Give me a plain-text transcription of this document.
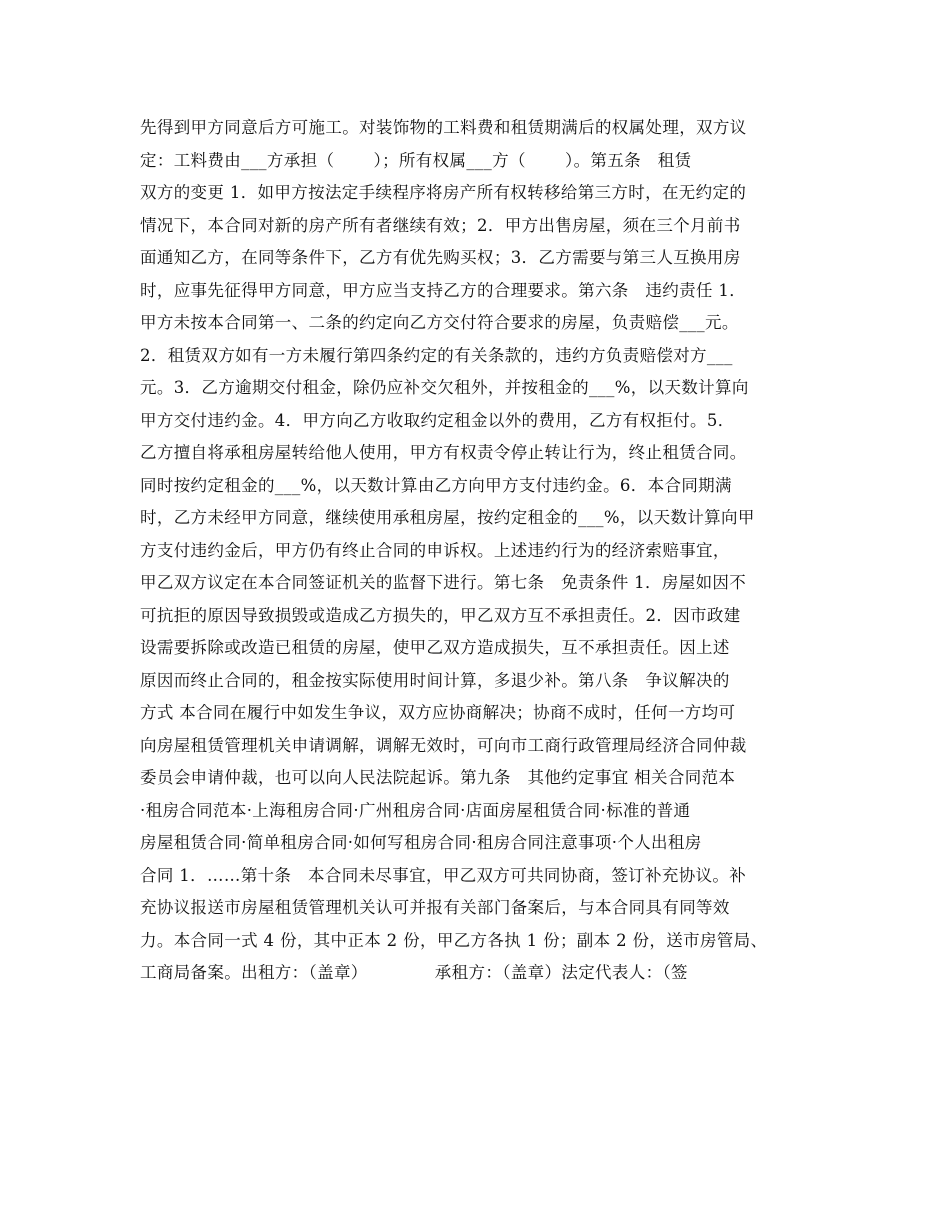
先得到甲方同意后方可施工。对装饰物的工料费和租赁期满后的权属处理，双方议
定：工料费由___方承担（       ）；所有权属___方（       ）。第五条   租赁
双方的变更 1．如甲方按法定手续程序将房产所有权转移给第三方时，在无约定的
情况下，本合同对新的房产所有者继续有效；2．甲方出售房屋，须在三个月前书
面通知乙方，在同等条件下，乙方有优先购买权；3．乙方需要与第三人互换用房
时，应事先征得甲方同意，甲方应当支持乙方的合理要求。第六条   违约责任 1．
甲方未按本合同第一、二条的约定向乙方交付符合要求的房屋，负责赔偿___元。
2．租赁双方如有一方未履行第四条约定的有关条款的，违约方负责赔偿对方___
元。3．乙方逾期交付租金，除仍应补交欠租外，并按租金的___%，以天数计算向
甲方交付违约金。4．甲方向乙方收取约定租金以外的费用，乙方有权拒付。5．
乙方擅自将承租房屋转给他人使用，甲方有权责令停止转让行为，终止租赁合同。
同时按约定租金的___%，以天数计算由乙方向甲方支付违约金。6．本合同期满
时，乙方未经甲方同意，继续使用承租房屋，按约定租金的___%，以天数计算向甲
方支付违约金后，甲方仍有终止合同的申诉权。上述违约行为的经济索赔事宜，
甲乙双方议定在本合同签证机关的监督下进行。第七条   免责条件 1．房屋如因不
可抗拒的原因导致损毁或造成乙方损失的，甲乙双方互不承担责任。2．因市政建
设需要拆除或改造已租赁的房屋，使甲乙双方造成损失，互不承担责任。因上述
原因而终止合同的，租金按实际使用时间计算，多退少补。第八条   争议解决的
方式 本合同在履行中如发生争议，双方应协商解决；协商不成时，任何一方均可
向房屋租赁管理机关申请调解，调解无效时，可向市工商行政管理局经济合同仲裁
委员会申请仲裁，也可以向人民法院起诉。第九条   其他约定事宜 相关合同范本
·租房合同范本·上海租房合同·广州租房合同·店面房屋租赁合同·标准的普通
房屋租赁合同·简单租房合同·如何写租房合同·租房合同注意事项·个人出租房
合同 1．……第十条   本合同未尽事宜，甲乙双方可共同协商，签订补充协议。补
充协议报送市房屋租赁管理机关认可并报有关部门备案后，与本合同具有同等效
力。本合同一式 4 份，其中正本 2 份，甲乙方各执 1 份；副本 2 份，送市房管局、
工商局备案。出租方：（盖章）            承租方：（盖章）法定代表人：（签
